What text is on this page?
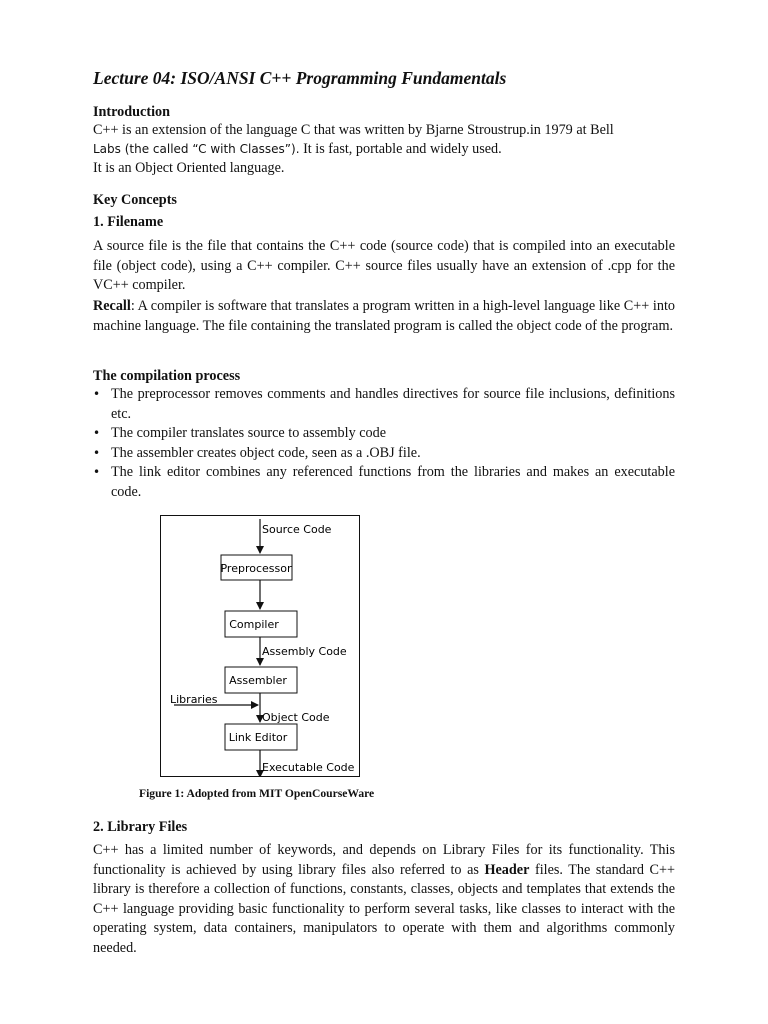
Lecture 04: ISO/ANSI C++ Programming Fundamentals
Introduction
C++ is an extension of the language C that was written by Bjarne Stroustrup.in 1979 at Bell
Labs (the called “C with Classes”). It is fast, portable and widely used.
It is an Object Oriented language.
Key Concepts
1. Filename
A source file is the file that contains the C++ code (source code) that is compiled into an executable file (object code), using a C++ compiler. C++ source files usually have an extension of .cpp for the VC++ compiler.
Recall: A compiler is software that translates a program written in a high-level language like C++ into machine language. The file containing the translated program is called the object code of the program.
The compilation process
• The preprocessor removes comments and handles directives for source file inclusions, definitions etc.
• The compiler translates source to assembly code
• The assembler creates object code, seen as a .OBJ file.
• The link editor combines any referenced functions from the libraries and makes an executable code.
2. Library Files
C++ has a limited number of keywords, and depends on Library Files for its functionality. This functionality is achieved by using library files also referred to as Header files. The standard C++ library is therefore a collection of functions, constants, classes, objects and templates that extends the C++ language providing basic functionality to perform several tasks, like classes to interact with the operating system, data containers, manipulators to operate with them and algorithms commonly needed.
Source Code
Preprocessor
Compiler
Assembly Code
Assembler
Libraries
Object Code
Link Editor
Executable Code
Figure 1: Adopted from MIT OpenCourseWare
